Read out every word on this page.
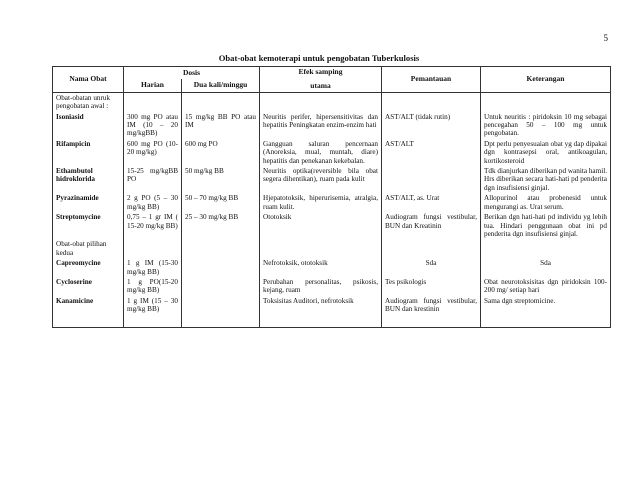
5
Obat-obat kemoterapi untuk pengobatan Tuberkulosis
Nama Obat	Dosis		Efek samping
utama	Pemantauan	Keterangan
	Harian	Dua kali/minggu			
Obat-obatan unruk pengobatan awal :					
Isoniasid	300 mg PO atau IM (10 – 20 mg/kgBB)	15 mg/kg BB PO atau IM	Neuritis perifer, hipersensitivitas dan hepatitis Peningkatan enzim-enzim hati	AST/ALT (tidak rutin)	Untuk neuritis : piridoksin 10 mg sebagai pencegahan 50 – 100 mg untuk pengobatan.
Rifampicin	600 mg PO (10-20 mg/kg)	600 mg PO	Gangguan saluran pencernaan (Anoreksia, mual, muntah, diare) hepatitis dan penekanan kekebalan.	AST/ALT	Dpt perlu penyesuaian obat yg dap dipakai dgn kontrasepsi oral, antikoagulan, kortikosteroid
Ethambutol hidroklorida	15-25 mg/kgBB PO	50 mg/kg BB	Neuritis optika(reversible bila obat segera dihentikan), ruam pada kulit		Tdk dianjurkan diberikan pd wanita hamil. Hrs diberikan secara hati-hati pd penderita dgn insufisiensi ginjal.
Pyrazinamide	2 g PO (5 – 30 mg/kg BB)	50 – 70 mg/kg BB	Hjepatotoksik, hiperurisemia, atralgia, ruam kulit.	AST/ALT, as. Urat	Allopurinol atau probenesid untuk mengurangi as. Urat serum.
Streptomycine	0,75 – 1 gr IM ( 15-20 mg/kg BB)	25 – 30 mg/kg BB	Ototoksik	Audiogram fungsi vestibular, BUN dan Kreatinin	Berikan dgn hati-hati pd individu yg lebih tua. Hindari penggunaan obat ini pd penderita dgn insufisiensi ginjal.
Obat-obat pilihan kedua					
Capreomycine	1 g IM (15-30 mg/kg BB)		Nefrotoksik, ototoksik	Sda	Sda
Cycloserine	1 g PO(15-20 mg/kg BB)		Perubahan personalitas, psikosis, kejang, ruam	Tes psikologis	Obat neurotoksisitas dgn piridoksin 100-200 mg/ setiap hari
Kanamicine	1 g IM (15 – 30 mg/kg BB)		Toksisitas Auditori, nefrotoksik	Audiogram fungsi vestibular, BUN dan krestinin	Sama dgn streptomicine.
